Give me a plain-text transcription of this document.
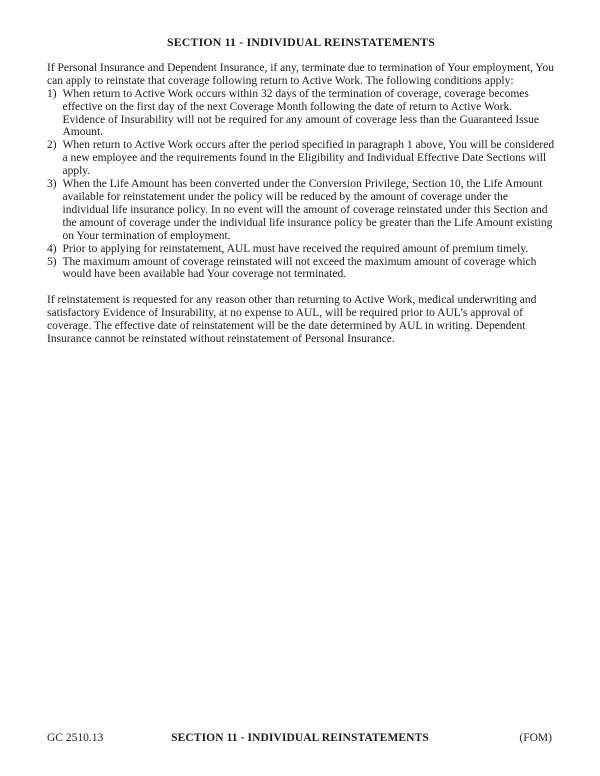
SECTION 11 - INDIVIDUAL REINSTATEMENTS

If Personal Insurance and Dependent Insurance, if any, terminate due to termination of Your employment, You can apply to reinstate that coverage following return to Active Work. The following conditions apply:

1) When return to Active Work occurs within 32 days of the termination of coverage, coverage becomes effective on the first day of the next Coverage Month following the date of return to Active Work. Evidence of Insurability will not be required for any amount of coverage less than the Guaranteed Issue Amount.
2) When return to Active Work occurs after the period specified in paragraph 1 above, You will be considered a new employee and the requirements found in the Eligibility and Individual Effective Date Sections will apply.
3) When the Life Amount has been converted under the Conversion Privilege, Section 10, the Life Amount available for reinstatement under the policy will be reduced by the amount of coverage under the individual life insurance policy. In no event will the amount of coverage reinstated under this Section and the amount of coverage under the individual life insurance policy be greater than the Life Amount existing on Your termination of employment.
4) Prior to applying for reinstatement, AUL must have received the required amount of premium timely.
5) The maximum amount of coverage reinstated will not exceed the maximum amount of coverage which would have been available had Your coverage not terminated.

If reinstatement is requested for any reason other than returning to Active Work, medical underwriting and satisfactory Evidence of Insurability, at no expense to AUL, will be required prior to AUL’s approval of coverage. The effective date of reinstatement will be the date determined by AUL in writing. Dependent Insurance cannot be reinstated without reinstatement of Personal Insurance.

GC 2510.13	SECTION 11 - INDIVIDUAL REINSTATEMENTS	(FOM)
